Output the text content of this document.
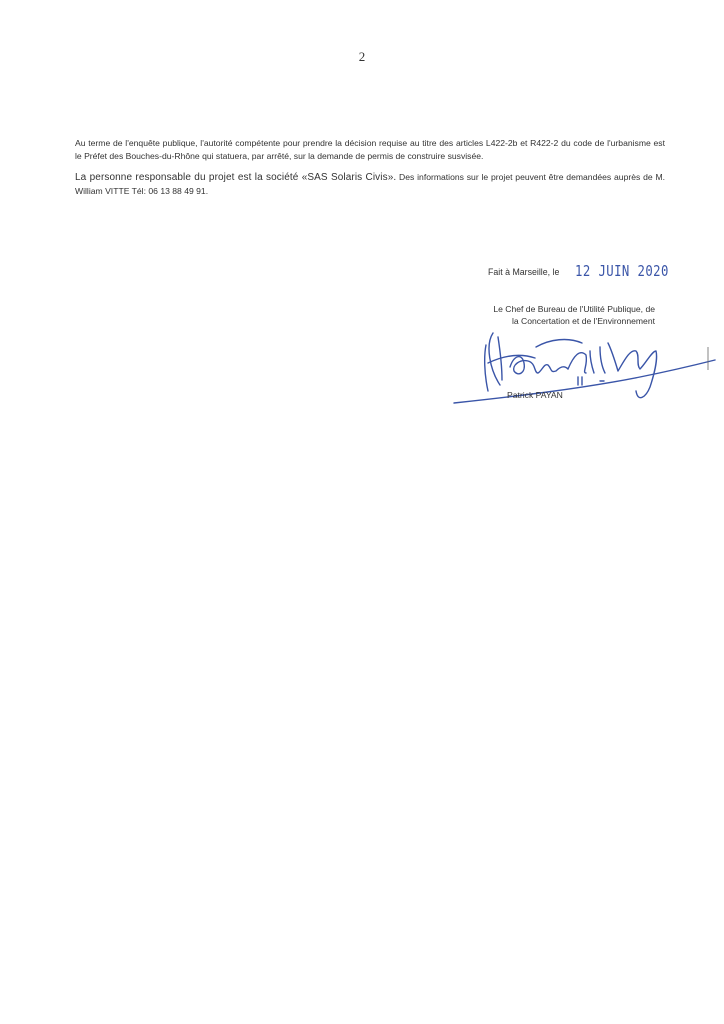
2
Au terme de l'enquête publique, l'autorité compétente pour prendre la décision requise au titre des articles L422-2b et R422-2 du code de l'urbanisme est le Préfet des Bouches-du-Rhône qui statuera, par arrêté, sur la demande de permis de construire susvisée.
La personne responsable du projet est la société «SAS Solaris Civis». Des informations sur le projet peuvent être demandées auprès de M. William VITTE Tél: 06 13 88 49 91.
Fait à Marseille, le 12 JUIN 2020
Le Chef de Bureau de l'Utilité Publique, de
la Concertation et de l'Environnement
Patrick PAYAN
